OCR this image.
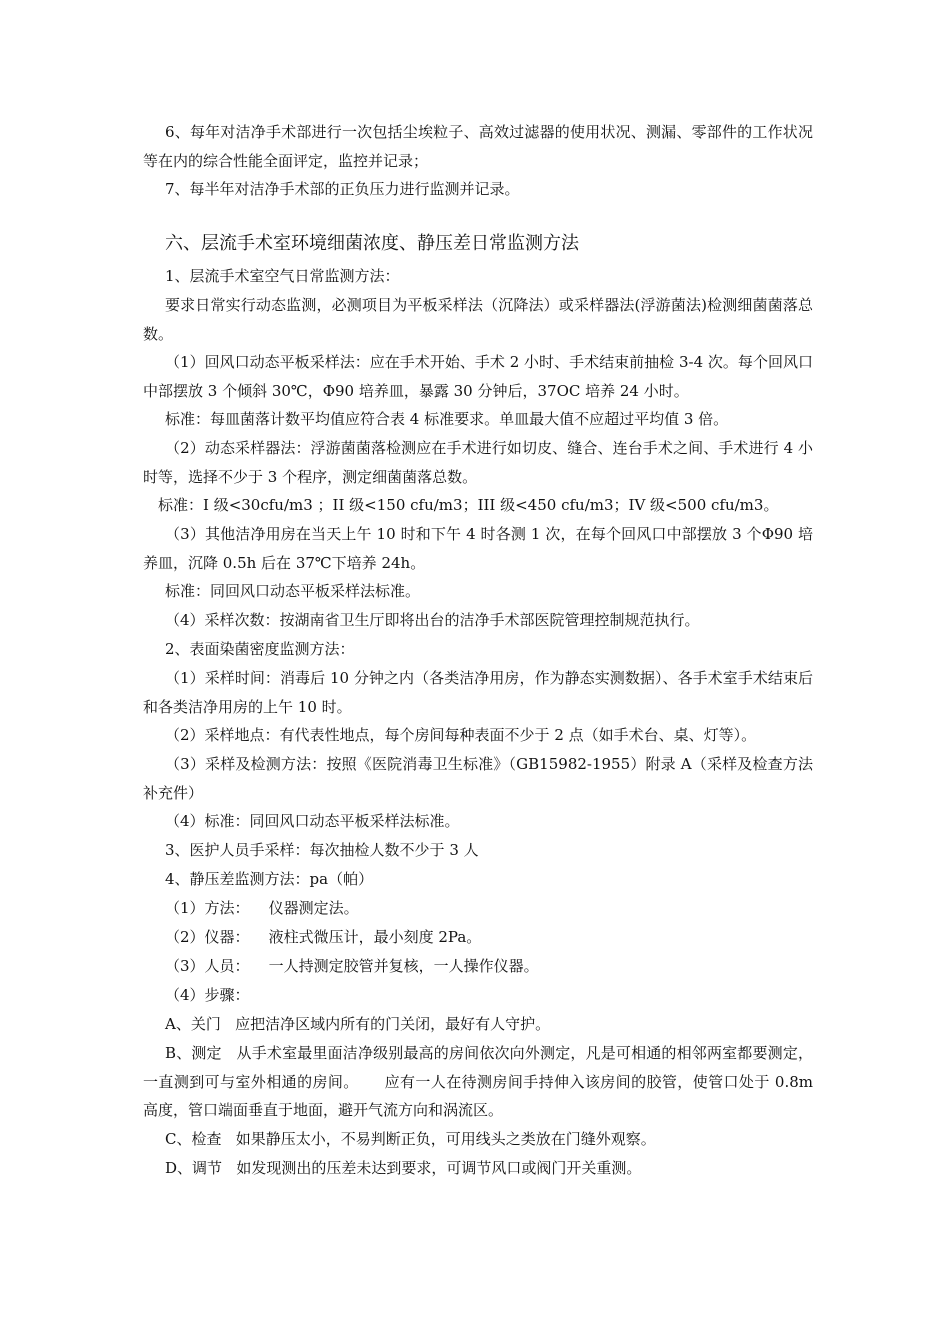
6、每年对洁净手术部进行一次包括尘埃粒子、高效过滤器的使用状况、测漏、零部件的工作状况等在内的综合性能全面评定，监控并记录；

7、每半年对洁净手术部的正负压力进行监测并记录。

六、层流手术室环境细菌浓度、静压差日常监测方法

1、层流手术室空气日常监测方法：

要求日常实行动态监测，必测项目为平板采样法（沉降法）或采样器法(浮游菌法)检测细菌菌落总数。

（1）回风口动态平板采样法：应在手术开始、手术 2 小时、手术结束前抽检 3-4 次。每个回风口中部摆放 3 个倾斜 30℃，Φ90 培养皿，暴露 30 分钟后，37OC 培养 24 小时。

标准：每皿菌落计数平均值应符合表 4 标准要求。单皿最大值不应超过平均值 3 倍。

（2）动态采样器法：浮游菌菌落检测应在手术进行如切皮、缝合、连台手术之间、手术进行 4 小时等，选择不少于 3 个程序，测定细菌菌落总数。

标准：I 级<30cfu/m3 ；II 级<150 cfu/m3；III 级<450 cfu/m3；IV 级<500 cfu/m3。

（3）其他洁净用房在当天上午 10 时和下午 4 时各测 1 次，在每个回风口中部摆放 3 个Φ90 培养皿，沉降 0.5h 后在 37℃下培养 24h。

标准：同回风口动态平板采样法标准。

（4）采样次数：按湖南省卫生厅即将出台的洁净手术部医院管理控制规范执行。

2、表面染菌密度监测方法：

（1）采样时间：消毒后 10 分钟之内（各类洁净用房，作为静态实测数据）、各手术室手术结束后和各类洁净用房的上午 10 时。

（2）采样地点：有代表性地点，每个房间每种表面不少于 2 点（如手术台、桌、灯等）。

（3）采样及检测方法：按照《医院消毒卫生标准》（GB15982-1955）附录 A（采样及检查方法补充件）

（4）标准：同回风口动态平板采样法标准。

3、医护人员手采样：每次抽检人数不少于 3 人

4、静压差监测方法：pa（帕）

（1）方法：    仪器测定法。

（2）仪器：    液柱式微压计，最小刻度 2Pa。

（3）人员：    一人持测定胶管并复核，一人操作仪器。

（4）步骤：

A、关门   应把洁净区域内所有的门关闭，最好有人守护。

B、测定   从手术室最里面洁净级别最高的房间依次向外测定，凡是可相通的相邻两室都要测定，一直测到可与室外相通的房间。     应有一人在待测房间手持伸入该房间的胶管，使管口处于 0.8m 高度，管口端面垂直于地面，避开气流方向和涡流区。

C、检查   如果静压太小，不易判断正负，可用线头之类放在门缝外观察。

D、调节   如发现测出的压差未达到要求，可调节风口或阀门开关重测。
